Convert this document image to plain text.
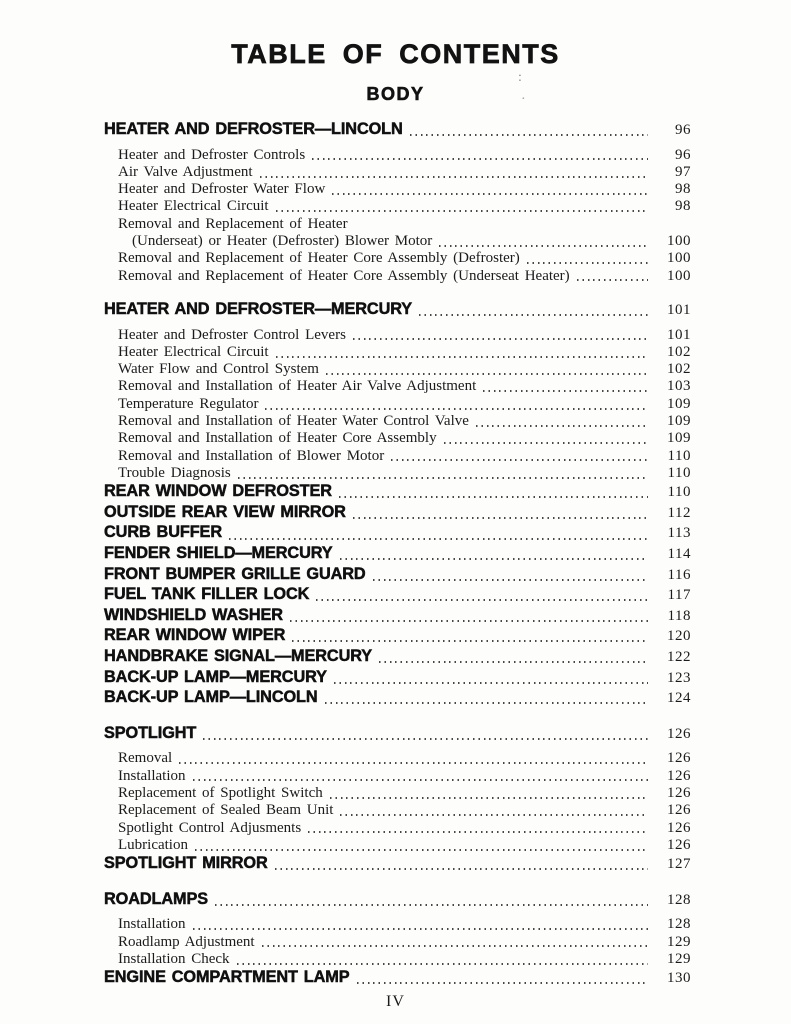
: TABLE OF CONTENTS
BODY
HEATER AND DEFROSTER—LINCOLN	96
Heater and Defroster Controls	96
Air Valve Adjustment	97
Heater and Defroster Water Flow	98
Heater Electrical Circuit	98
Removal and Replacement of Heater
(Underseat) or Heater (Defroster) Blower Motor	100
Removal and Replacement of Heater Core Assembly (Defroster)	100
Removal and Replacement of Heater Core Assembly (Underseat Heater)	100
HEATER AND DEFROSTER—MERCURY	101
Heater and Defroster Control Levers	101
Heater Electrical Circuit	102
Water Flow and Control System	102
Removal and Installation of Heater Air Valve Adjustment	103
Temperature Regulator	109
Removal and Installation of Heater Water Control Valve	109
Removal and Installation of Heater Core Assembly	109
Removal and Installation of Blower Motor	110
Trouble Diagnosis	110
REAR WINDOW DEFROSTER	110
OUTSIDE REAR VIEW MIRROR	112
CURB BUFFER	113
FENDER SHIELD—MERCURY	114
FRONT BUMPER GRILLE GUARD	116
FUEL TANK FILLER LOCK	117
WINDSHIELD WASHER	118
REAR WINDOW WIPER	120
HANDBRAKE SIGNAL—MERCURY	122
BACK-UP LAMP—MERCURY	123
BACK-UP LAMP—LINCOLN	124
SPOTLIGHT	126
Removal	126
Installation	126
Replacement of Spotlight Switch	126
Replacement of Sealed Beam Unit	126
Spotlight Control Adjusments	126
Lubrication	126
SPOTLIGHT MIRROR	127
ROADLAMPS	128
Installation	128
Roadlamp Adjustment	129
Installation Check	129
ENGINE COMPARTMENT LAMP	130
IV
·
